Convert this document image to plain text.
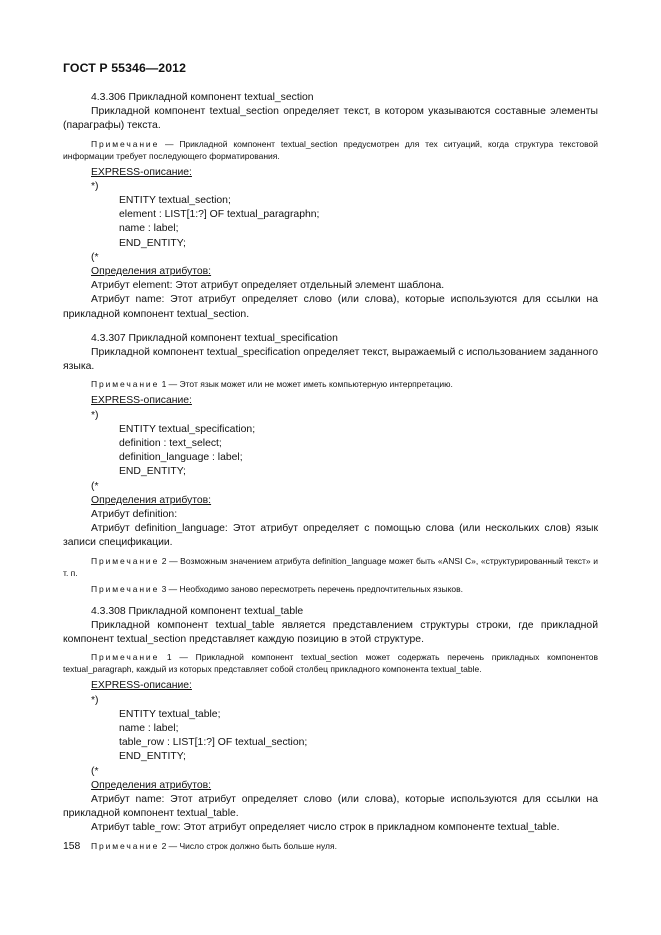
ГОСТ Р 55346—2012

4.3.306 Прикладной компонент textual_section

Прикладной компонент textual_section определяет текст, в котором указываются составные элементы (параграфы) текста.

Примечание — Прикладной компонент textual_section предусмотрен для тех ситуаций, когда структура текстовой информации требует последующего форматирования.

EXPRESS-описание:

*)

ENTITY textual_section;

element : LIST[1:?] OF textual_paragraphn;

name : label;

END_ENTITY;

(*

Определения атрибутов:

Атрибут element: Этот атрибут определяет отдельный элемент шаблона.

Атрибут name: Этот атрибут определяет слово (или слова), которые используются для ссылки на прикладной компонент textual_section.

4.3.307 Прикладной компонент textual_specification

Прикладной компонент textual_specification определяет текст, выражаемый с использованием заданного языка.

Примечание 1 — Этот язык может или не может иметь компьютерную интерпретацию.

EXPRESS-описание:

*)

ENTITY textual_specification;

definition : text_select;

definition_language : label;

END_ENTITY;

(*

Определения атрибутов:

Атрибут definition:

Атрибут definition_language: Этот атрибут определяет с помощью слова (или нескольких слов) язык записи спецификации.

Примечание 2 — Возможным значением атрибута definition_language может быть «ANSI C», «структурированный текст» и т. п.

Примечание 3 — Необходимо заново пересмотреть перечень предпочтительных языков.

4.3.308 Прикладной компонент textual_table

Прикладной компонент textual_table является представлением структуры строки, где прикладной компонент textual_section представляет каждую позицию в этой структуре.

Примечание 1 — Прикладной компонент textual_section может содержать перечень прикладных компонентов textual_paragraph, каждый из которых представляет собой столбец прикладного компонента textual_table.

EXPRESS-описание:

*)

ENTITY textual_table;

name : label;

table_row : LIST[1:?] OF textual_section;

END_ENTITY;

(*

Определения атрибутов:

Атрибут name: Этот атрибут определяет слово (или слова), которые используются для ссылки на прикладной компонент textual_table.

Атрибут table_row: Этот атрибут определяет число строк в прикладном компоненте textual_table.

Примечание 2 — Число строк должно быть больше нуля.

158
